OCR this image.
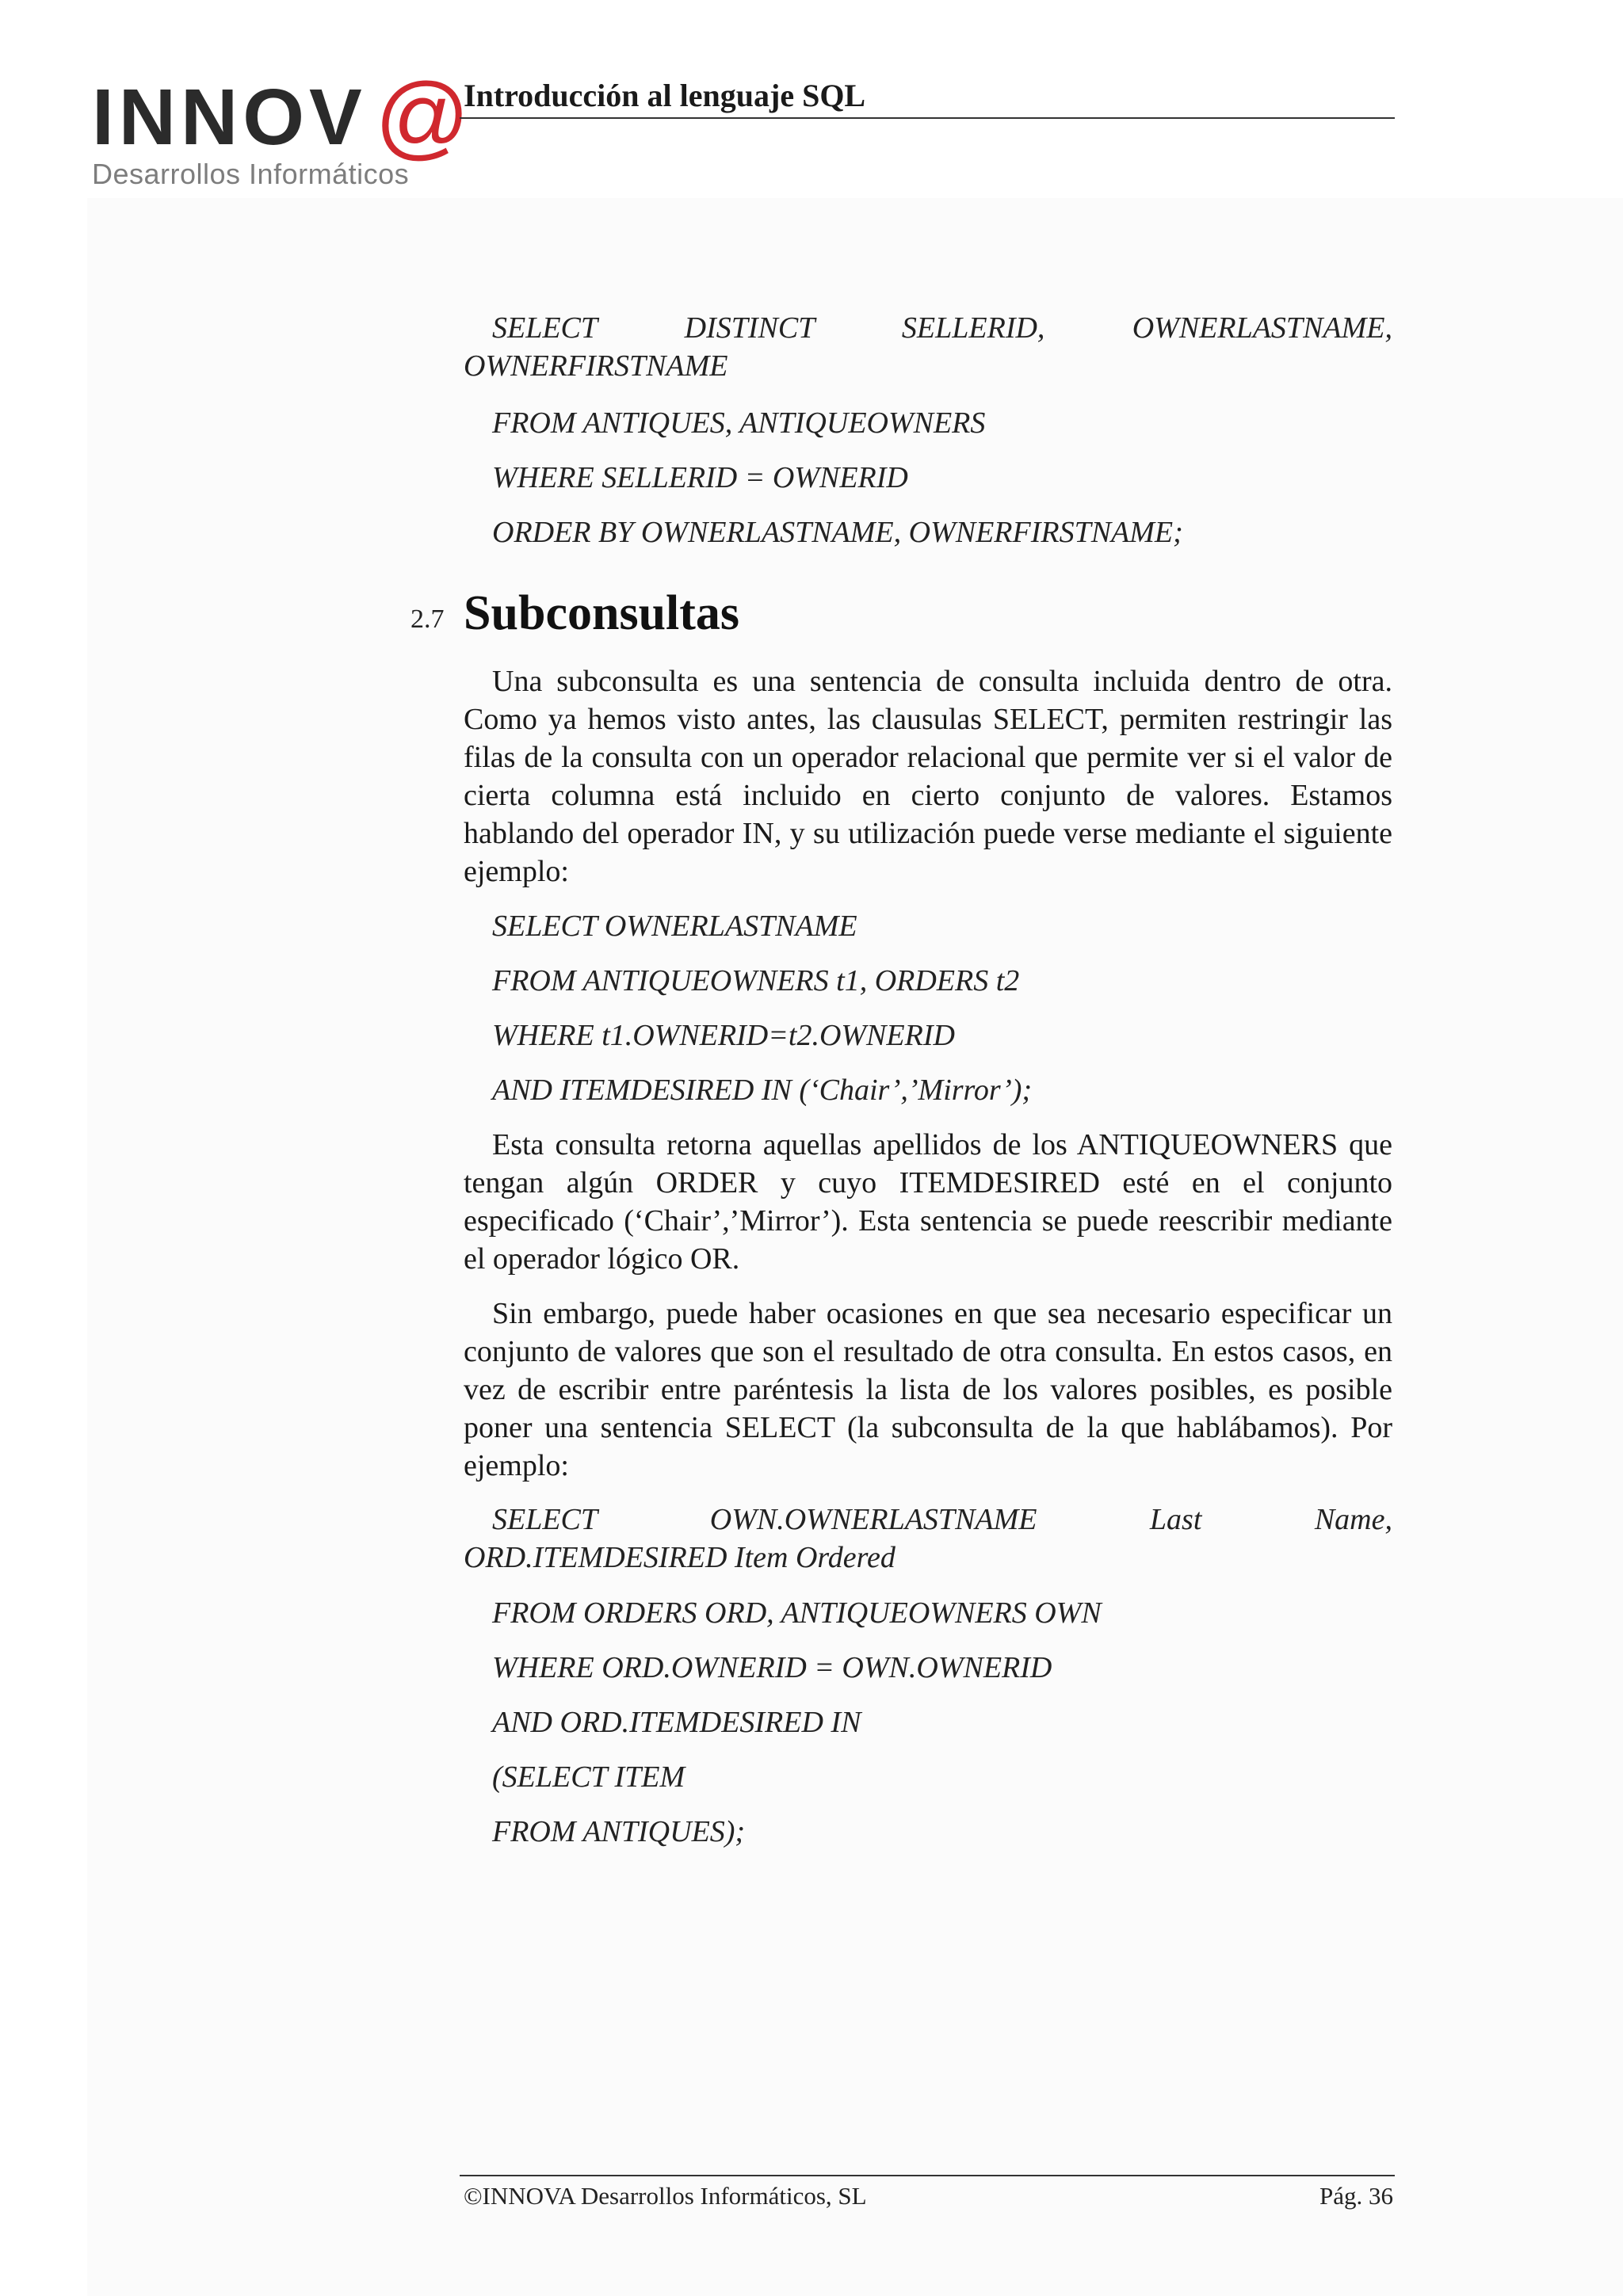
INNOV @
Desarrollos Informáticos
Introducción al lenguaje SQL
SELECT DISTINCT SELLERID, OWNERLASTNAME,
OWNERFIRSTNAME
FROM ANTIQUES, ANTIQUEOWNERS
WHERE SELLERID = OWNERID
ORDER BY OWNERLASTNAME, OWNERFIRSTNAME;
Una subconsulta es una sentencia de consulta incluida dentro de otra. Como ya hemos visto antes, las clausulas SELECT, permiten restringir las filas de la consulta con un operador relacional que permite ver si el valor de cierta columna está incluido en cierto conjunto de valores. Estamos hablando del operador IN, y su utilización puede verse mediante el siguiente ejemplo:
SELECT OWNERLASTNAME
FROM ANTIQUEOWNERS t1, ORDERS t2
WHERE t1.OWNERID=t2.OWNERID
AND ITEMDESIRED IN (‘Chair’,’Mirror’);
Esta consulta retorna aquellas apellidos de los ANTIQUEOWNERS que tengan algún ORDER y cuyo ITEMDESIRED esté en el conjunto especificado (‘Chair’,’Mirror’). Esta sentencia se puede reescribir mediante el operador lógico OR.
Sin embargo, puede haber ocasiones en que sea necesario especificar un conjunto de valores que son el resultado de otra consulta. En estos casos, en vez de escribir entre paréntesis la lista de los valores posibles, es posible poner una sentencia SELECT (la subconsulta de la que hablábamos). Por ejemplo:
SELECT OWN.OWNERLASTNAME Last Name,
ORD.ITEMDESIRED Item Ordered
FROM ORDERS ORD, ANTIQUEOWNERS OWN
WHERE ORD.OWNERID = OWN.OWNERID
AND ORD.ITEMDESIRED IN
(SELECT ITEM
FROM ANTIQUES);
2.7 Subconsultas
©INNOVA Desarrollos Informáticos, SL	Pág. 36
